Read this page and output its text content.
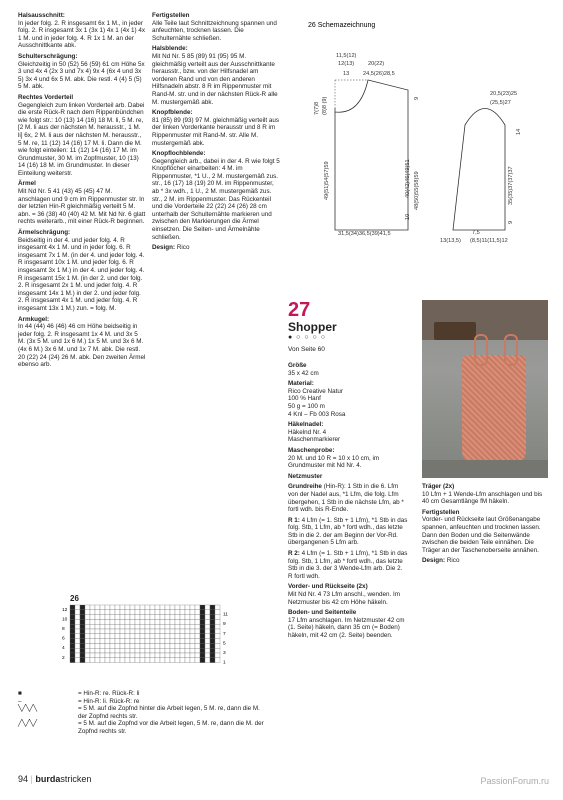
Halsausschnitt:
In jeder folg. 2. R insgesamt 6x 1 M., in jeder folg. 2. R insgesamt 3x 1 (3x 1) 4x 1 (4x 1) 4x 1 M. und in jeder folg. 4. R 1x 1 M. an der Ausschnittkante abk.
Schulterschrägung:
Gleichzeitig in 50 (52) 56 (59) 61 cm Höhe 5x 3 und 4x 4 (2x 3 und 7x 4) 9x 4 (6x 4 und 3x 5) 3x 4 und 6x 5 M. abk. Die restl. 4 (4) 5 (5) 5 M. abk.
Rechtes Vorderteil
Gegengleich zum linken Vorderteil arb. Dabei die erste Rück-R nach dem Rippenbündchen wie folgt str.: 10 (13) 14 (16) 18 M. li, 5 M. re, [2 M. li aus der nächsten M. herausstr., 1 M. li] 6x, 2 M. li aus der nächsten M. herausstr., 5 M. re, 11 (12) 14 (16) 17 M. li. Dann die M. wie folgt einteilen: 11 (12) 14 (16) 17 M. im Grundmuster, 30 M. im Zopfmuster, 10 (13) 14 (16) 18 M. im Grundmuster. In dieser Einteilung weiterstr.
Ärmel
Mit Nd Nr. 5 41 (43) 45 (45) 47 M. anschlagen und 9 cm im Rippenmuster str. In der letzten Hin-R gleichmäßig verteilt 5 M. abn. = 36 (38) 40 (40) 42 M. Mit Nd Nr. 6 glatt rechts weiterarb., mit einer Rück-R beginnen.
Ärmelschrägung:
Beidseitig in der 4. und jeder folg. 4. R insgesamt 4x 1 M. und in jeder folg. 6. R insgesamt 7x 1 M. (in der 4. und jeder folg. 4. R insgesamt 10x 1 M. und jeder folg. 6. R insgesamt 3x 1 M.) in der 4. und jeder folg. 4. R insgesamt 15x 1 M. (in der 2. und der folg. 2. R insgesamt 2x 1 M. und jeder folg. 4. R insgesamt 14x 1 M.) in der 2. und jeder folg. 2. R insgesamt 4x 1 M. und jeder folg. 4. R insgesamt 13x 1 M.) zun. = folg. M.
Armkugel:
In 44 (44) 46 (46) 46 cm Höhe beidseitig in jeder folg. 2. R insgesamt 1x 4 M. und 3x 5 M. (3x 5 M. und 1x 6 M.) 1x 5 M. und 3x 6 M. (4x 6 M.) 3x 6 M. und 1x 7 M. abk. Die restl. 20 (22) 24 (24) 26 M. abk. Den zweiten Ärmel ebenso arb.
Fertigstellen
Alle Teile laut Schnittzeichnung spannen und anfeuchten, trocknen lassen. Die Schulternähte schließen.
Halsblende:
Mit Nd Nr. 5 85 (89) 91 (95) 95 M. gleichmäßig verteilt aus der Ausschnittkante herausstr., bzw. von der Hilfsnadel am vorderen Rand und von den anderen Hilfsnadeln abstr. 8 R im Rippenmuster mit Rand-M. str. und in der nächsten Rück-R alle M. mustergemäß abk.
Knopfblende:
81 (85) 89 (93) 97 M. gleichmäßig verteilt aus der linken Vorderkante herausstr und 8 R im Rippenmuster mit Rand-M. str. Alle M. mustergemäß abk.
Knopflochblende:
Gegengleich arb., dabei in der 4. R wie folgt 5 Knopflöcher einarbeiten: 4 M. im Rippenmuster, *1 U., 2 M. mustergemäß zus. str., 16 (17) 18 (19) 20 M. im Rippenmuster, ab * 3x wdh., 1 U., 2 M. mustergemäß zus. str., 2 M. im Rippenmuster. Das Rückenteil und die Vorderteile 22 (22) 24 (26) 28 cm unterhalb der Schulternähte markieren und zwischen den Markierungen die Ärmel einsetzen. Die Seiten- und Ärmelnähte schließen.
Design: Rico
26 Schemazeichnung
11,5(12)
12(13) 20(22)
13 24,5(26)28,5
7(7)8 (8)8 (9)
49(51)54(57)59	48(50)55(58)59
9
40(42)46(49)51
10
31,5(34)36,5(39)41,5
20,5(23)25
(25,5)27
14
35(35)37(37)37
9
13(13,5)
7,5
(8,5)11(11,5)12
27
Shopper
● ○ ○ ○ ○
Von Seite 60
Größe
35 x 42 cm
Material:
Rico Creative Natur
100 % Hanf
50 g = 100 m
4 Knl – Fb 003 Rosa
Häkelnadel:
Häkelnd Nr. 4
Maschenmarkierer
Maschenprobe:
20 M. und 10 R = 10 x 10 cm, im Grundmuster mit Nd Nr. 4.
Netzmuster

Grundreihe (Hin-R): 1 Stb in die 6. Lfm von der Nadel aus, *1 Lfm, die folg. Lfm übergehen, 1 Stb in die nächste Lfm, ab * fortl wdh. bis R-Ende.
R 1: 4 Lfm (= 1. Stb + 1 Lfm), *1 Stb in das folg. Stb, 1 Lfm, ab * fortl wdh., das letzte Stb in die 2. der am Beginn der Vor-Rd. übergangenen 5 Lfm arb.
R 2: 4 Lfm (= 1. Stb + 1 Lfm), *1 Stb in das folg. Stb, 1 Lfm, ab * fortl wdh., das letzte Stb in die 3. der 3 Wende-Lfm arb. Die 2. R fortl wdh.
Vorder- und Rückseite (2x)
Mit Nd Nr. 4 73 Lfm anschl., wenden. Im Netzmuster bis 42 cm Höhe häkeln.
Boden- und Seitenteile
17 Lfm anschlagen. Im Netzmuster 42 cm (1. Seite) häkeln, dann 35 cm (= Boden) häkeln, mit 42 cm (2. Seite) beenden.
Träger (2x)
10 Lfm + 1 Wende-Lfm anschlagen und bis 40 cm Gesamtlänge fM häkeln.
Fertigstellen
Vorder- und Rückseite laut Größenangabe spannen, anfeuchten und trocknen lassen. Dann den Boden und die Seitenwände zwischen die beiden Teile einnähen. Die Träger an der Taschenoberseite annähen.
Design: Rico
26
12
10
8
6
4
2
11
9
7
5
3
1
■	= Hin-R: re. Rück-R: li
–	= Hin-R: li. Rück-R: re
╲╱╲╱╲	= 5 M. auf die Zopfnd hinter die Arbeit legen, 5 M. re, dann die M. der Zopfnd rechts str.
╱╲╱╲╱	= 5 M. auf die Zopfnd vor die Arbeit legen, 5 M. re, dann die M. der Zopfnd rechts str.
94 | burdastricken	PassionForum.ru
